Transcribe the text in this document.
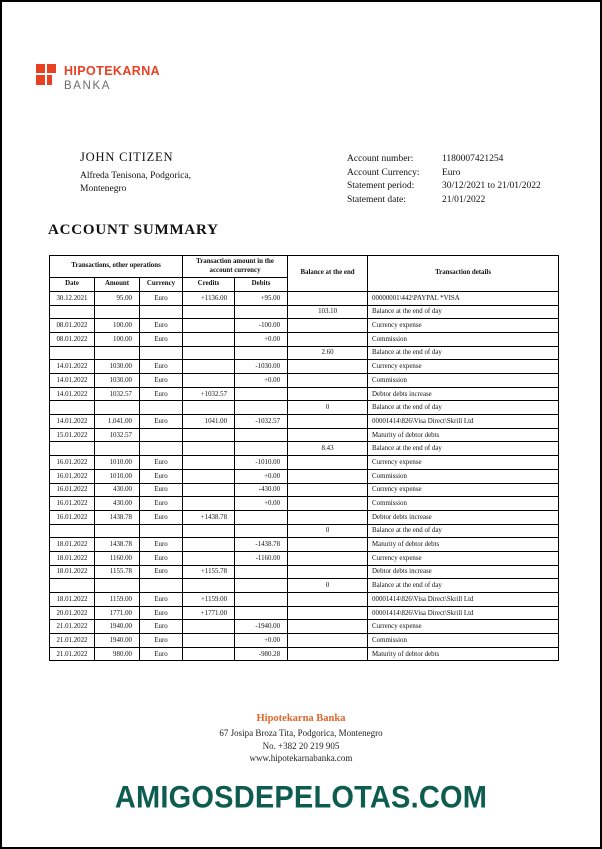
HIPOTEKARNA
BANKA
JOHN CITIZEN
Alfreda Tenisona, Podgorica,
Montenegro
Account number:	1180007421254
Account Currency:	Euro
Statement period:	30/12/2021 to 21/01/2022
Statement date:	21/01/2022
ACCOUNT SUMMARY
Transactions, other operations			Transaction amount in the account currency		Balance at the end	Transaction details
Date	Amount	Currency	Credits	Debits		
30.12.2021	95.00	Euro	+1136.00	+95.00		00000001\442\PAYPAL *VISA
					103.10	Balance at the end of day
08.01.2022	100.00	Euro		-100.00		Currency expense
08.01.2022	100.00	Euro		+0.00		Commission
					2.60	Balance at the end of day
14.01.2022	1030.00	Euro		-1030.00		Currency expense
14.01.2022	1030.00	Euro		+0.00		Commission
14.01.2022	1032.57	Euro	+1032.57			Debtor debts increase
					0	Balance at the end of day
14.01.2022	1.041.00	Euro	1041.00	-1032.57		00001414\826\Visa Direct\Skrill Ltd
15.01.2022	1032.57					Maturity of debtor debts
					8.43	Balance at the end of day
16.01.2022	1010.00	Euro		-1010.00		Currency expense
16.01.2022	1010.00	Euro		+0.00		Commission
16.01.2022	430.00	Euro		-430.00		Currency expense
16.01.2022	430.00	Euro		+0.00		Commission
16.01.2022	1438.78	Euro	+1438.78			Debtor debts increase
					0	Balance at the end of day
18.01.2022	1438.78	Euro		-1438.78		Maturity of debtor debts
18.01.2022	1160.00	Euro		-1160.00		Currency expense
18.01.2022	1155.78	Euro	+1155.78			Debtor debts increase
					0	Balance at the end of day
18.01.2022	1159.00	Euro	+1159.00			00001414\826\Visa Direct\Skrill Ltd
20.01.2022	1771.00	Euro	+1771.00			00001414\826\Visa Direct\Skrill Ltd
21.01.2022	1940.00	Euro		-1940.00		Currency expense
21.01.2022	1940.00	Euro		+0.00		Commission
21.01.2022	980.00	Euro		-980.28		Maturity of debtor debts
Hipotekarna Banka
67 Josipa Broza Tita, Podgorica, Montenegro
No. +382 20 219 905
www.hipotekarnabanka.com
AMIGOSDEPELOTAS.COM
